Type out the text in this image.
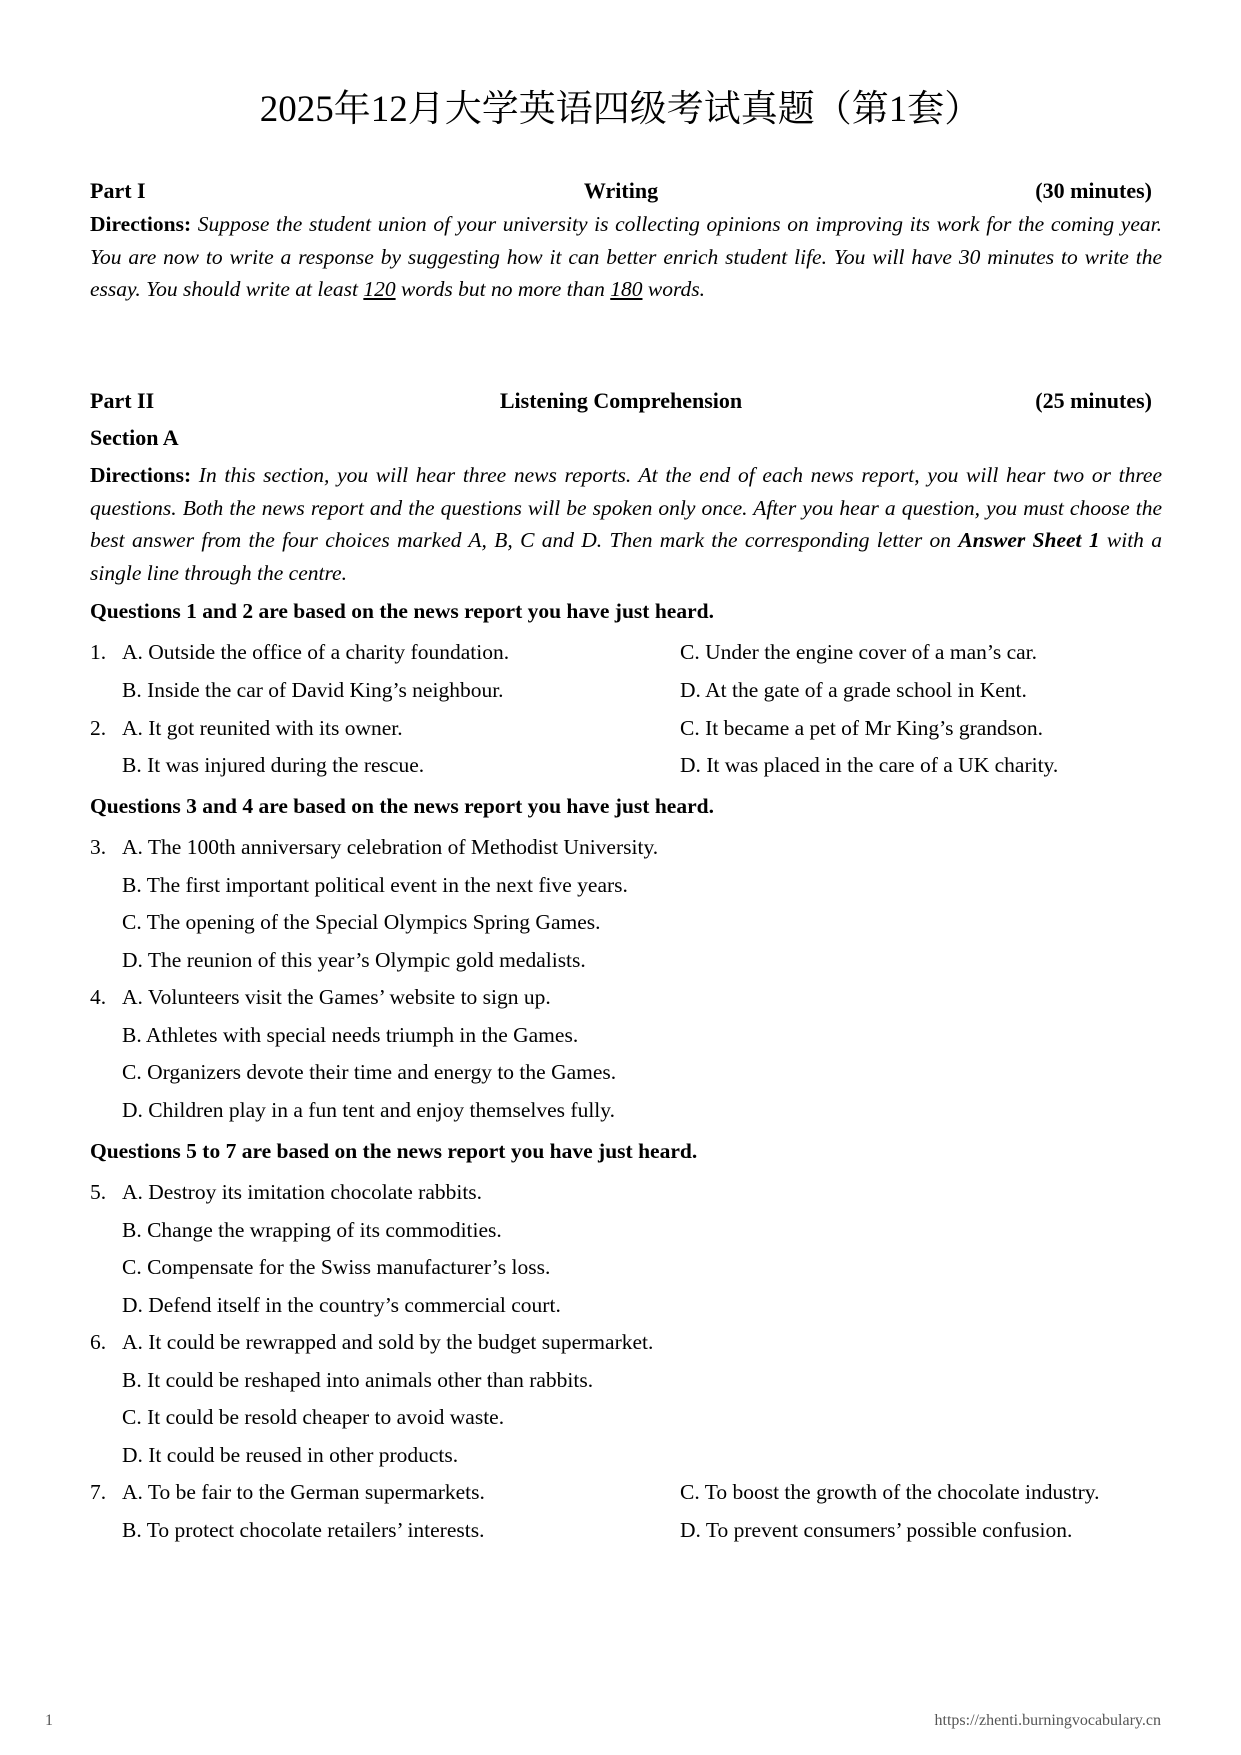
2025年12月大学英语四级考试真题（第1套）
Part I	Writing	(30 minutes)
Directions: Suppose the student union of your university is collecting opinions on improving its work for the coming year. You are now to write a response by suggesting how it can better enrich student life. You will have 30 minutes to write the essay. You should write at least 120 words but no more than 180 words.
Part II	Listening Comprehension	(25 minutes)
Section A
Directions: In this section, you will hear three news reports. At the end of each news report, you will hear two or three questions. Both the news report and the questions will be spoken only once. After you hear a question, you must choose the best answer from the four choices marked A, B, C and D. Then mark the corresponding letter on Answer Sheet 1 with a single line through the centre.
Questions 1 and 2 are based on the news report you have just heard.
1. A. Outside the office of a charity foundation.	C. Under the engine cover of a man’s car.
B. Inside the car of David King’s neighbour.	D. At the gate of a grade school in Kent.
2. A. It got reunited with its owner.	C. It became a pet of Mr King’s grandson.
B. It was injured during the rescue.	D. It was placed in the care of a UK charity.
Questions 3 and 4 are based on the news report you have just heard.
3. A. The 100th anniversary celebration of Methodist University.
B. The first important political event in the next five years.
C. The opening of the Special Olympics Spring Games.
D. The reunion of this year’s Olympic gold medalists.
4. A. Volunteers visit the Games’ website to sign up.
B. Athletes with special needs triumph in the Games.
C. Organizers devote their time and energy to the Games.
D. Children play in a fun tent and enjoy themselves fully.
Questions 5 to 7 are based on the news report you have just heard.
5. A. Destroy its imitation chocolate rabbits.
B. Change the wrapping of its commodities.
C. Compensate for the Swiss manufacturer’s loss.
D. Defend itself in the country’s commercial court.
6. A. It could be rewrapped and sold by the budget supermarket.
B. It could be reshaped into animals other than rabbits.
C. It could be resold cheaper to avoid waste.
D. It could be reused in other products.
7. A. To be fair to the German supermarkets.	C. To boost the growth of the chocolate industry.
B. To protect chocolate retailers’ interests.	D. To prevent consumers’ possible confusion.
1	https://zhenti.burningvocabulary.cn
